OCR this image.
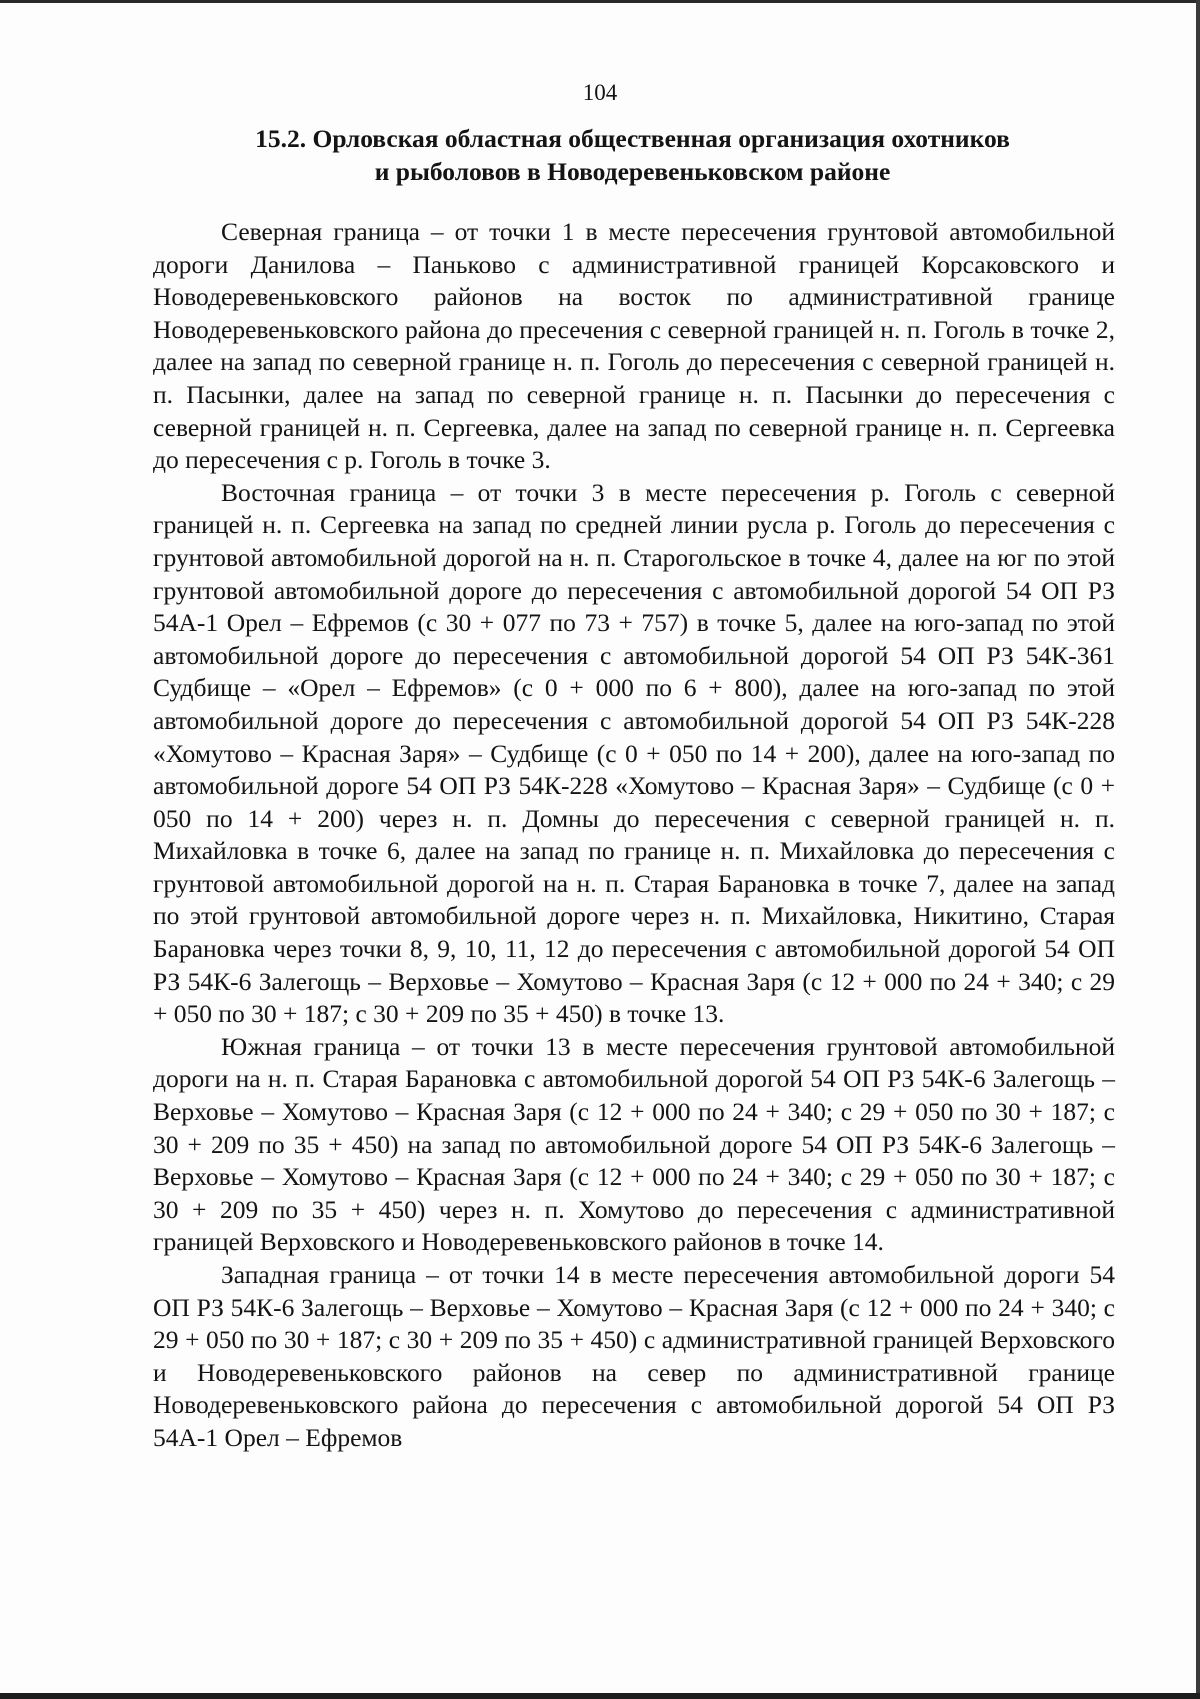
104
15.2. Орловская областная общественная организация охотников
и рыболовов в Новодеревеньковском районе

Северная граница – от точки 1 в месте пересечения грунтовой автомобильной дороги Данилова – Паньково с административной границей Корсаковского и Новодеревеньковского районов на восток по административной границе Новодеревеньковского района до пресечения с северной границей н. п. Гоголь в точке 2, далее на запад по северной границе н. п. Гоголь до пересечения с северной границей н. п. Пасынки, далее на запад по северной границе н. п. Пасынки до пересечения с северной границей н. п. Сергеевка, далее на запад по северной границе н. п. Сергеевка до пересечения с р. Гоголь в точке 3.

Восточная граница – от точки 3 в месте пересечения р. Гоголь с северной границей н. п. Сергеевка на запад по средней линии русла р. Гоголь до пересечения с грунтовой автомобильной дорогой на н. п. Старогольское в точке 4, далее на юг по этой грунтовой автомобильной дороге до пересечения с автомобильной дорогой 54 ОП РЗ 54А-1 Орел – Ефремов (с 30 + 077 по 73 + 757) в точке 5, далее на юго-запад по этой автомобильной дороге до пересечения с автомобильной дорогой 54 ОП РЗ 54К-361 Судбище – «Орел – Ефремов» (с 0 + 000 по 6 + 800), далее на юго-запад по этой автомобильной дороге до пересечения с автомобильной дорогой 54 ОП РЗ 54К-228 «Хомутово – Красная Заря» – Судбище (с 0 + 050 по 14 + 200), далее на юго-запад по автомобильной дороге 54 ОП РЗ 54К-228 «Хомутово – Красная Заря» – Судбище (с 0 + 050 по 14 + 200) через н. п. Домны до пересечения с северной границей н. п. Михайловка в точке 6, далее на запад по границе н. п. Михайловка до пересечения с грунтовой автомобильной дорогой на н. п. Старая Барановка в точке 7, далее на запад по этой грунтовой автомобильной дороге через н. п. Михайловка, Никитино, Старая Барановка через точки 8, 9, 10, 11, 12 до пересечения с автомобильной дорогой 54 ОП РЗ 54К-6 Залегощь – Верховье – Хомутово – Красная Заря (с 12 + 000 по 24 + 340; с 29 + 050 по 30 + 187; с 30 + 209 по 35 + 450) в точке 13.

Южная граница – от точки 13 в месте пересечения грунтовой автомобильной дороги на н. п. Старая Барановка с автомобильной дорогой 54 ОП РЗ 54К-6 Залегощь – Верховье – Хомутово – Красная Заря (с 12 + 000 по 24 + 340; с 29 + 050 по 30 + 187; с 30 + 209 по 35 + 450) на запад по автомобильной дороге 54 ОП РЗ 54К-6 Залегощь – Верховье – Хомутово – Красная Заря (с 12 + 000 по 24 + 340; с 29 + 050 по 30 + 187; с 30 + 209 по 35 + 450) через н. п. Хомутово до пересечения с административной границей Верховского и Новодеревеньковского районов в точке 14.

Западная граница – от точки 14 в месте пересечения автомобильной дороги 54 ОП РЗ 54К-6 Залегощь – Верховье – Хомутово – Красная Заря (с 12 + 000 по 24 + 340; с 29 + 050 по 30 + 187; с 30 + 209 по 35 + 450) с административной границей Верховского и Новодеревеньковского районов на север по административной границе Новодеревеньковского района до пересечения с автомобильной дорогой 54 ОП РЗ 54А-1 Орел – Ефремов
